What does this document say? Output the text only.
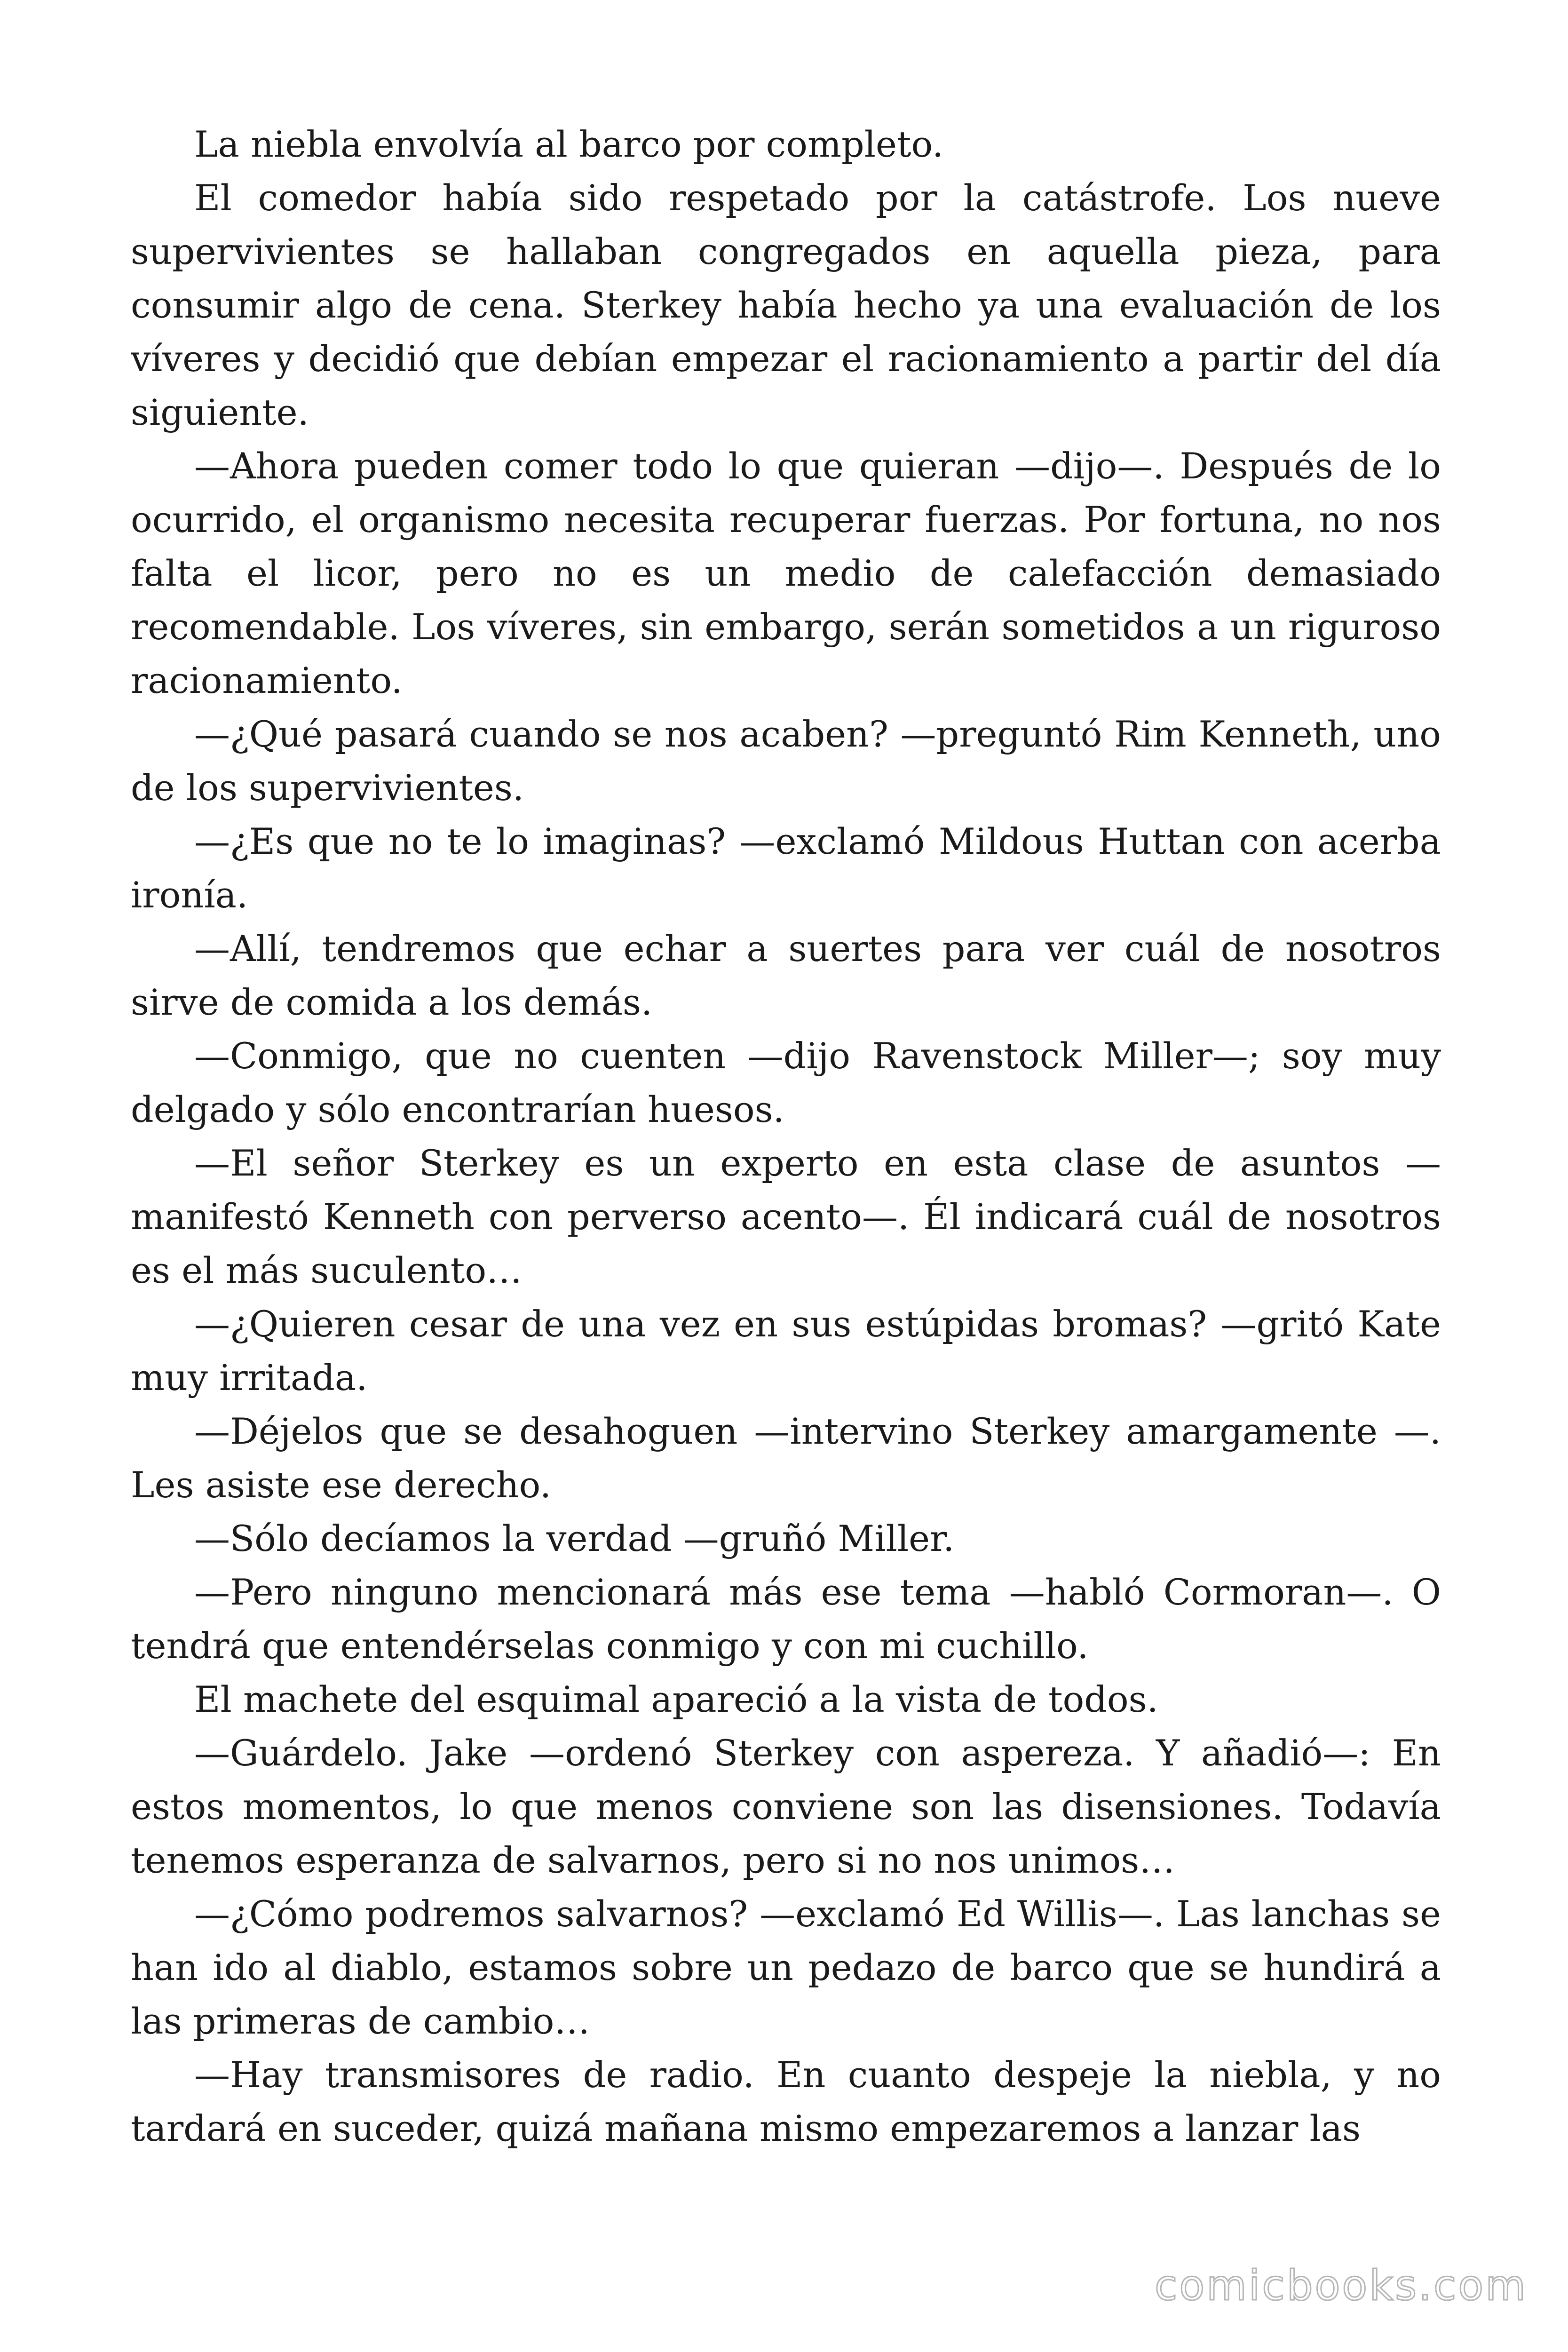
La niebla envolvía al barco por completo.

El comedor había sido respetado por la catástrofe. Los nueve supervivientes se hallaban congregados en aquella pieza, para consumir algo de cena. Sterkey había hecho ya una evaluación de los víveres y decidió que debían empezar el racionamiento a partir del día siguiente.

—Ahora pueden comer todo lo que quieran —dijo—. Después de lo ocurrido, el organismo necesita recuperar fuerzas. Por fortuna, no nos falta el licor, pero no es un medio de calefacción demasiado recomendable. Los víveres, sin embargo, serán sometidos a un riguroso racionamiento.

—¿Qué pasará cuando se nos acaben? —preguntó Rim Kenneth, uno de los supervivientes.

—¿Es que no te lo imaginas? —exclamó Mildous Huttan con acerba ironía.

—Allí, tendremos que echar a suertes para ver cuál de nosotros sirve de comida a los demás.

—Conmigo, que no cuenten —dijo Ravenstock Miller—; soy muy delgado y sólo encontrarían huesos.

—El señor Sterkey es un experto en esta clase de asuntos —manifestó Kenneth con perverso acento—. Él indicará cuál de nosotros es el más suculento…

—¿Quieren cesar de una vez en sus estúpidas bromas? —gritó Kate muy irritada.

—Déjelos que se desahoguen —intervino Sterkey amargamente —. Les asiste ese derecho.

—Sólo decíamos la verdad —gruñó Miller.

—Pero ninguno mencionará más ese tema —habló Cormoran—. O tendrá que entendérselas conmigo y con mi cuchillo.

El machete del esquimal apareció a la vista de todos.

—Guárdelo. Jake —ordenó Sterkey con aspereza. Y añadió—: En estos momentos, lo que menos conviene son las disensiones. Todavía tenemos esperanza de salvarnos, pero si no nos unimos…

—¿Cómo podremos salvarnos? —exclamó Ed Willis—. Las lanchas se han ido al diablo, estamos sobre un pedazo de barco que se hundirá a las primeras de cambio…

—Hay transmisores de radio. En cuanto despeje la niebla, y no tardará en suceder, quizá mañana mismo empezaremos a lanzar las

comicbooks.com
